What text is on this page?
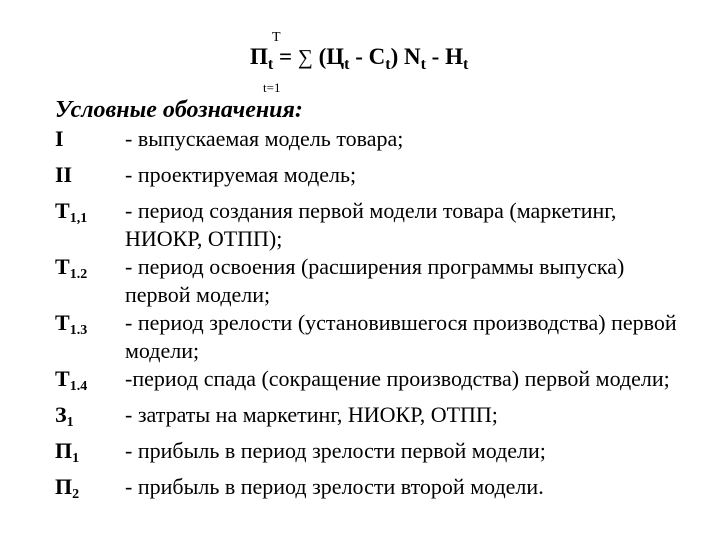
T
$П_t$ = ∑ $(Ц_t - С_t)$ $N_t - Н_t$
t=1

Условные обозначения:

I	- выпускаемая модель товара;
II	- проектируемая модель;
$Т_{1,1}$	- период создания первой модели товара (маркетинг, НИОКР, ОТПП);
$Т_{1.2}$	- период освоения (расширения программы выпуска) первой модели;
$Т_{1.3}$	- период зрелости (установившегося производства) первой модели;
$Т_{1.4}$	-период спада (сокращение производства) первой модели;
$З_1$	- затраты на маркетинг, НИОКР, ОТПП;
$П_1$	- прибыль в период зрелости первой модели;
$П_2$	- прибыль в период зрелости второй модели.
